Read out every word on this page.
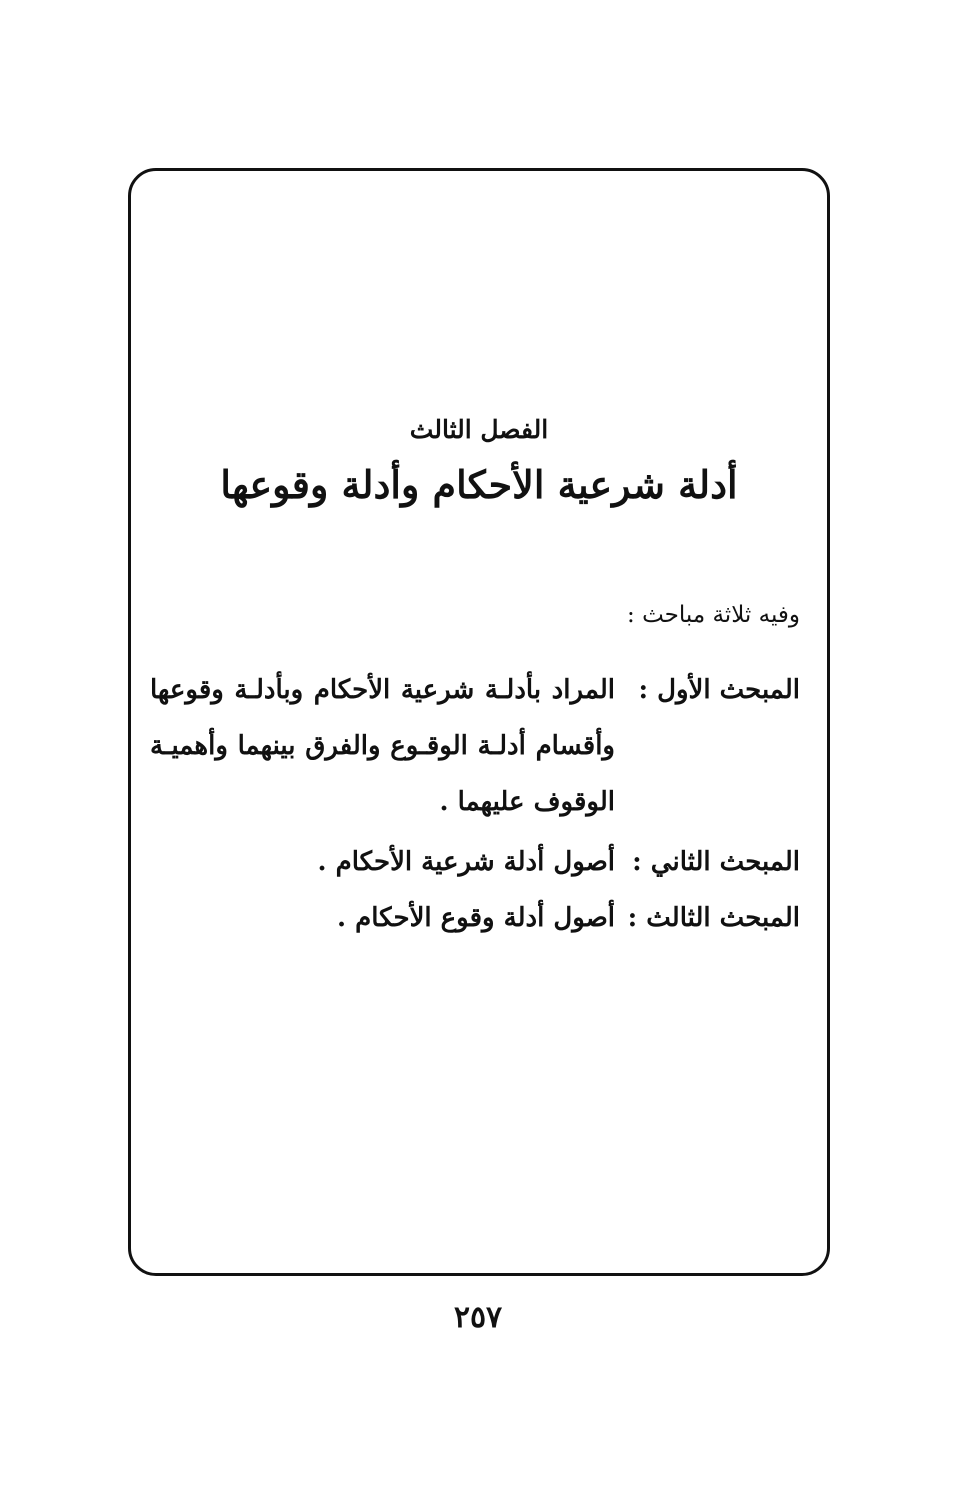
الفصل الثالث
أدلة شرعية الأحكام وأدلة وقوعها

وفيه ثلاثة مباحث :

المبحث الأول :
المراد بأدلـة شرعية الأحكام وبأدلـة وقوعها وأقسام أدلـة الوقـوع والفرق بينهما وأهميـة الوقوف عليهما .
المبحث الثاني :
أصول أدلة شرعية الأحكام .
المبحث الثالث :
أصول أدلة وقوع الأحكام .

٢٥٧
